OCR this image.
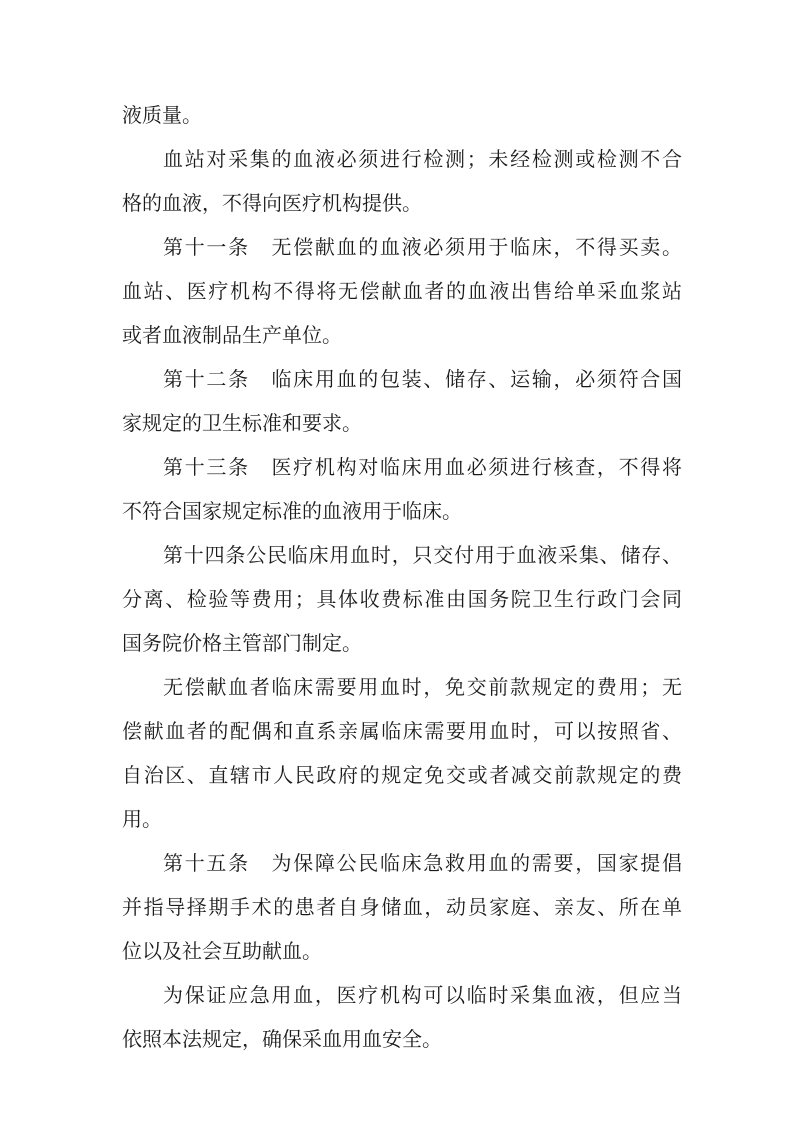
液质量。
血站对采集的血液必须进行检测；未经检测或检测不合
格的血液，不得向医疗机构提供。
第十一条　无偿献血的血液必须用于临床，不得买卖。
血站、医疗机构不得将无偿献血者的血液出售给单采血浆站
或者血液制品生产单位。
第十二条　临床用血的包装、储存、运输，必须符合国
家规定的卫生标准和要求。
第十三条　医疗机构对临床用血必须进行核查，不得将
不符合国家规定标准的血液用于临床。
第十四条公民临床用血时，只交付用于血液采集、储存、
分离、检验等费用；具体收费标准由国务院卫生行政门会同
国务院价格主管部门制定。
无偿献血者临床需要用血时，免交前款规定的费用；无
偿献血者的配偶和直系亲属临床需要用血时，可以按照省、
自治区、直辖市人民政府的规定免交或者减交前款规定的费
用。
第十五条　为保障公民临床急救用血的需要，国家提倡
并指导择期手术的患者自身储血，动员家庭、亲友、所在单
位以及社会互助献血。
为保证应急用血，医疗机构可以临时采集血液，但应当
依照本法规定，确保采血用血安全。
